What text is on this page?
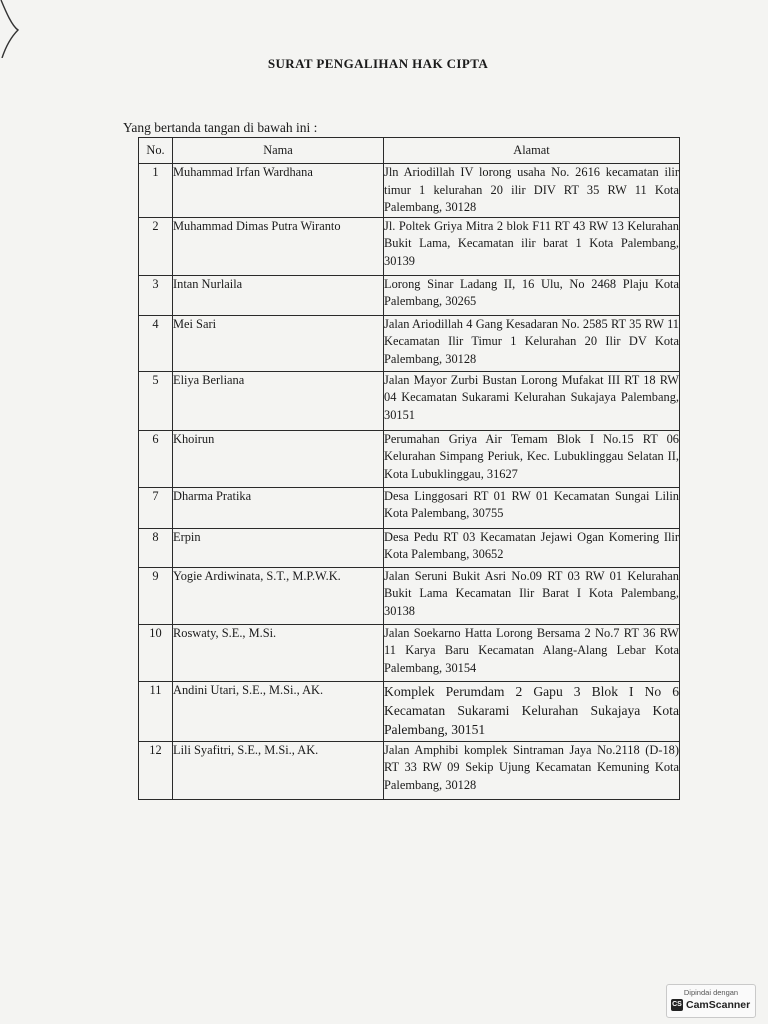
SURAT PENGALIHAN HAK CIPTA
Yang bertanda tangan di bawah ini :
No.	Nama	Alamat
1	Muhammad Irfan Wardhana	Jln Ariodillah IV lorong usaha No. 2616 kecamatan ilir timur 1 kelurahan 20 ilir DIV RT 35 RW 11 Kota Palembang, 30128
2	Muhammad Dimas Putra Wiranto	Jl. Poltek Griya Mitra 2 blok F11 RT 43 RW 13 Kelurahan Bukit Lama, Kecamatan ilir barat 1 Kota Palembang, 30139
3	Intan Nurlaila	Lorong Sinar Ladang II, 16 Ulu, No 2468 Plaju Kota Palembang, 30265
4	Mei Sari	Jalan Ariodillah 4 Gang Kesadaran No. 2585 RT 35 RW 11 Kecamatan Ilir Timur 1 Kelurahan 20 Ilir DV Kota Palembang, 30128
5	Eliya Berliana	Jalan Mayor Zurbi Bustan Lorong Mufakat III RT 18 RW 04 Kecamatan Sukarami Kelurahan Sukajaya Palembang, 30151
6	Khoirun	Perumahan Griya Air Temam Blok I No.15 RT 06 Kelurahan Simpang Periuk, Kec. Lubuklinggau Selatan II, Kota Lubuklinggau, 31627
7	Dharma Pratika	Desa Linggosari RT 01 RW 01 Kecamatan Sungai Lilin Kota Palembang, 30755
8	Erpin	Desa Pedu RT 03 Kecamatan Jejawi Ogan Komering Ilir Kota Palembang, 30652
9	Yogie Ardiwinata, S.T., M.P.W.K.	Jalan Seruni Bukit Asri No.09 RT 03 RW 01 Kelurahan Bukit Lama Kecamatan Ilir Barat I Kota Palembang, 30138
10	Roswaty, S.E., M.Si.	Jalan Soekarno Hatta Lorong Bersama 2 No.7 RT 36 RW 11 Karya Baru Kecamatan Alang-Alang Lebar Kota Palembang, 30154
11	Andini Utari, S.E., M.Si., AK.	Komplek Perumdam 2 Gapu 3 Blok I No 6 Kecamatan Sukarami Kelurahan Sukajaya Kota Palembang, 30151
12	Lili Syafitri, S.E., M.Si., AK.	Jalan Amphibi komplek Sintraman Jaya No.2118 (D-18) RT 33 RW 09 Sekip Ujung Kecamatan Kemuning Kota Palembang, 30128
Dipindai dengan
CS CamScanner
